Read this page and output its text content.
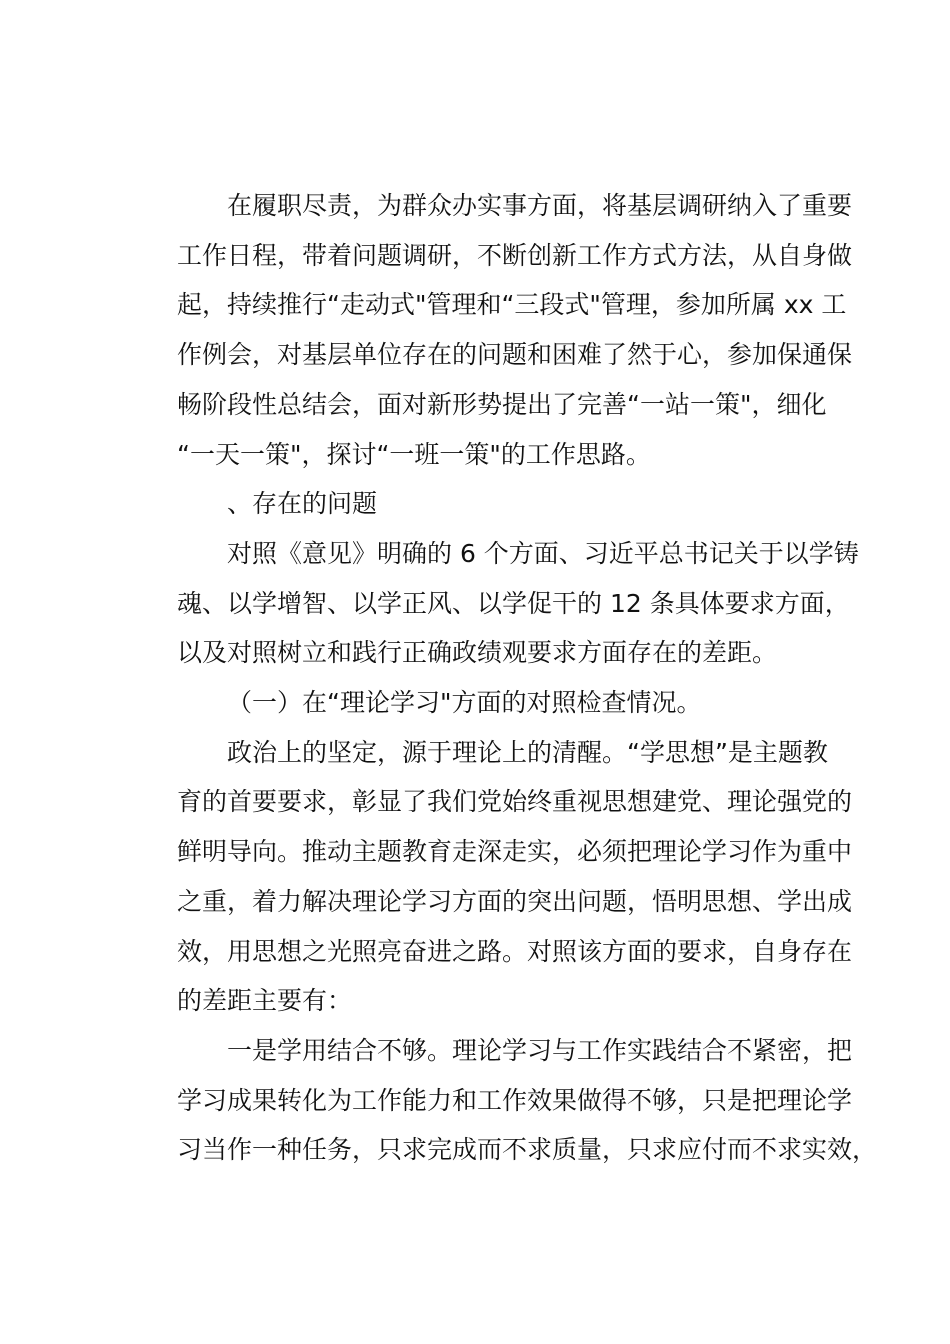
在履职尽责，为群众办实事方面，将基层调研纳入了重要
工作日程，带着问题调研，不断创新工作方式方法，从自身做
起，持续推行“走动式"管理和“三段式"管理，参加所属 xx 工
作例会，对基层单位存在的问题和困难了然于心，参加保通保
畅阶段性总结会，面对新形势提出了完善“一站一策"，细化
“一天一策"，探讨“一班一策"的工作思路。
、存在的问题
对照《意见》明确的 6 个方面、习近平总书记关于以学铸
魂、以学增智、以学正风、以学促干的 12 条具体要求方面，
以及对照树立和践行正确政绩观要求方面存在的差距。
（一）在“理论学习"方面的对照检查情况。
政治上的坚定，源于理论上的清醒。“学思想”是主题教
育的首要要求，彰显了我们党始终重视思想建党、理论强党的
鲜明导向。推动主题教育走深走实，必须把理论学习作为重中
之重，着力解决理论学习方面的突出问题，悟明思想、学出成
效，用思想之光照亮奋进之路。对照该方面的要求，自身存在
的差距主要有：
一是学用结合不够。理论学习与工作实践结合不紧密，把
学习成果转化为工作能力和工作效果做得不够，只是把理论学
习当作一种任务，只求完成而不求质量，只求应付而不求实效，
